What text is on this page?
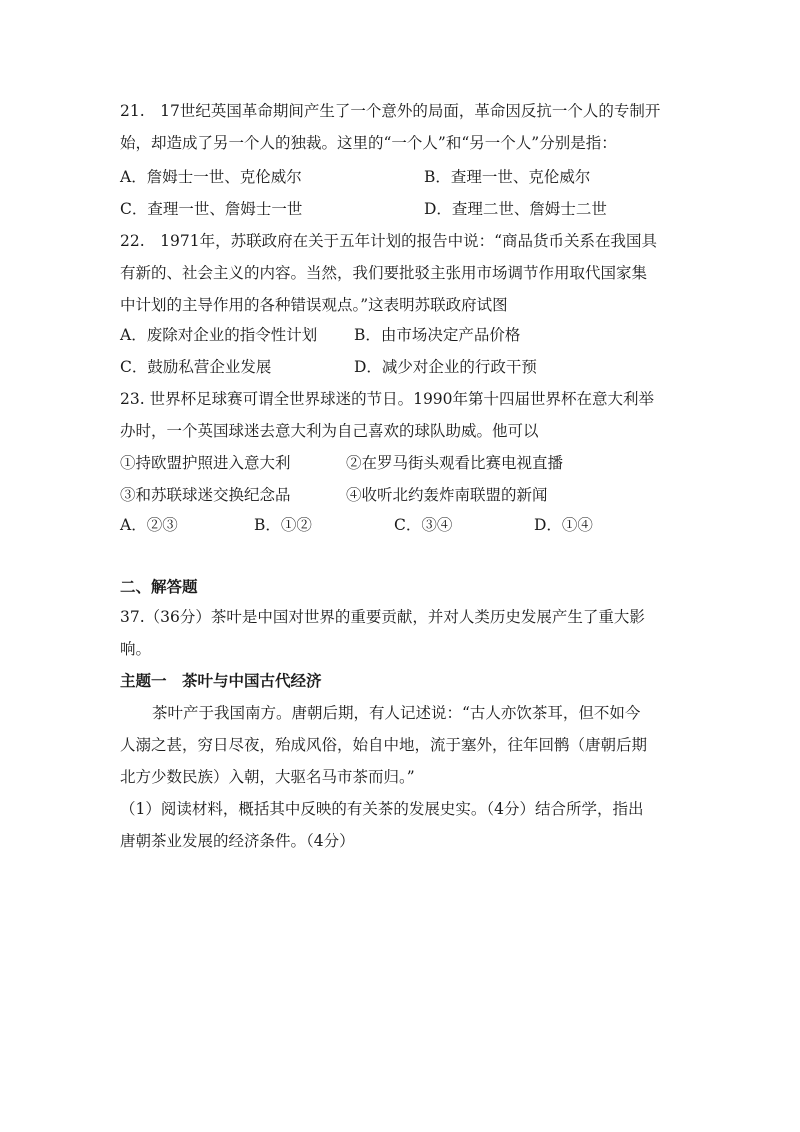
21.　17世纪英国革命期间产生了一个意外的局面，革命因反抗一个人的专制开
始，却造成了另一个人的独裁。这里的“一个人”和“另一个人”分别是指：
A．詹姆士一世、克伦威尔	B．查理一世、克伦威尔
C．查理一世、詹姆士一世	D．查理二世、詹姆士二世
22.　1971年，苏联政府在关于五年计划的报告中说：“商品货币关系在我国具
有新的、社会主义的内容。当然，我们要批驳主张用市场调节作用取代国家集
中计划的主导作用的各种错误观点。”这表明苏联政府试图
A．废除对企业的指令性计划 B．由市场决定产品价格
C．鼓励私营企业发展	D．减少对企业的行政干预
23. 世界杯足球赛可谓全世界球迷的节日。1990年第十四届世界杯在意大利举
办时，一个英国球迷去意大利为自己喜欢的球队助威。他可以
①持欧盟护照进入意大利	②在罗马街头观看比赛电视直播
③和苏联球迷交换纪念品	④收听北约轰炸南联盟的新闻
A．②③	B．①②	C．③④	D．①④
二、解答题
37.（36分）茶叶是中国对世界的重要贡献，并对人类历史发展产生了重大影
响。
主题一　茶叶与中国古代经济
茶叶产于我国南方。唐朝后期，有人记述说：“古人亦饮茶耳，但不如今
人溺之甚，穷日尽夜，殆成风俗，始自中地，流于塞外，往年回鹘（唐朝后期
北方少数民族）入朝，大驱名马市茶而归。”
（1）阅读材料，概括其中反映的有关茶的发展史实。（4分）结合所学，指出
唐朝茶业发展的经济条件。（4分）
